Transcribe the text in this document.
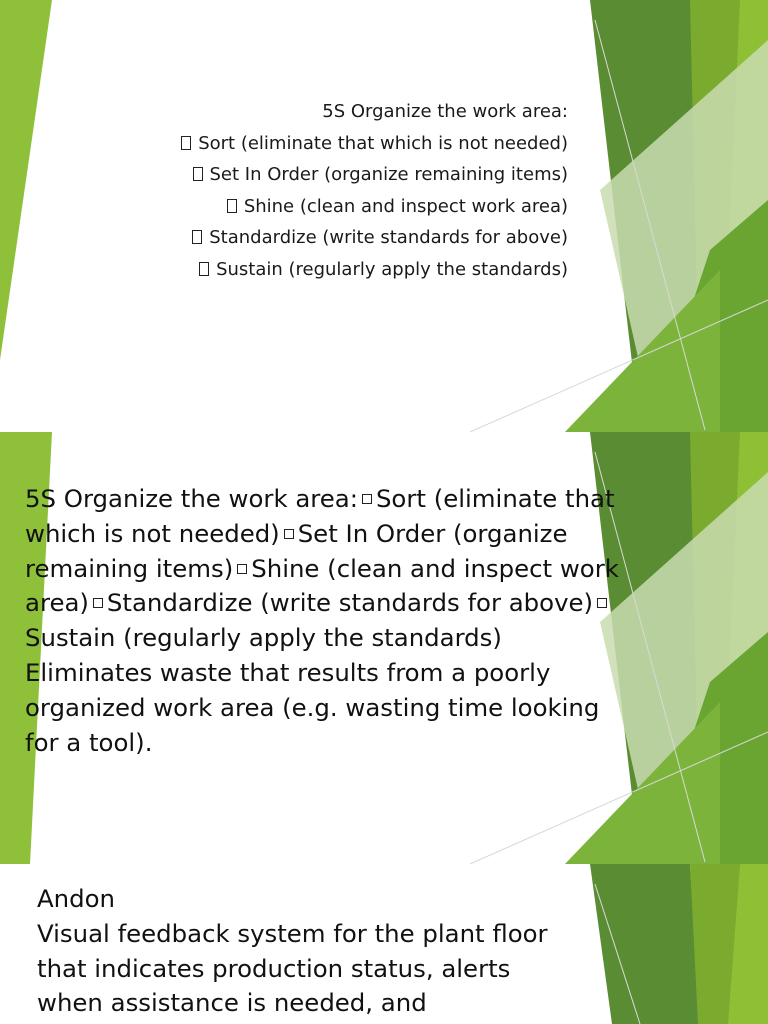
5S Organize the work area:
Sort (eliminate that which is not needed)
Set In Order (organize remaining items)
Shine (clean and inspect work area)
Standardize (write standards for above)
Sustain (regularly apply the standards)
5S Organize the work area: Sort (eliminate that which is not needed) Set In Order (organize remaining items) Shine (clean and inspect work area) Standardize (write standards for above)Sustain (regularly apply the standards) Eliminates waste that results from a poorly organized work area (e.g. wasting time looking for a tool).
Andon
Visual feedback system for the plant floor that indicates production status, alerts when assistance is needed, and
